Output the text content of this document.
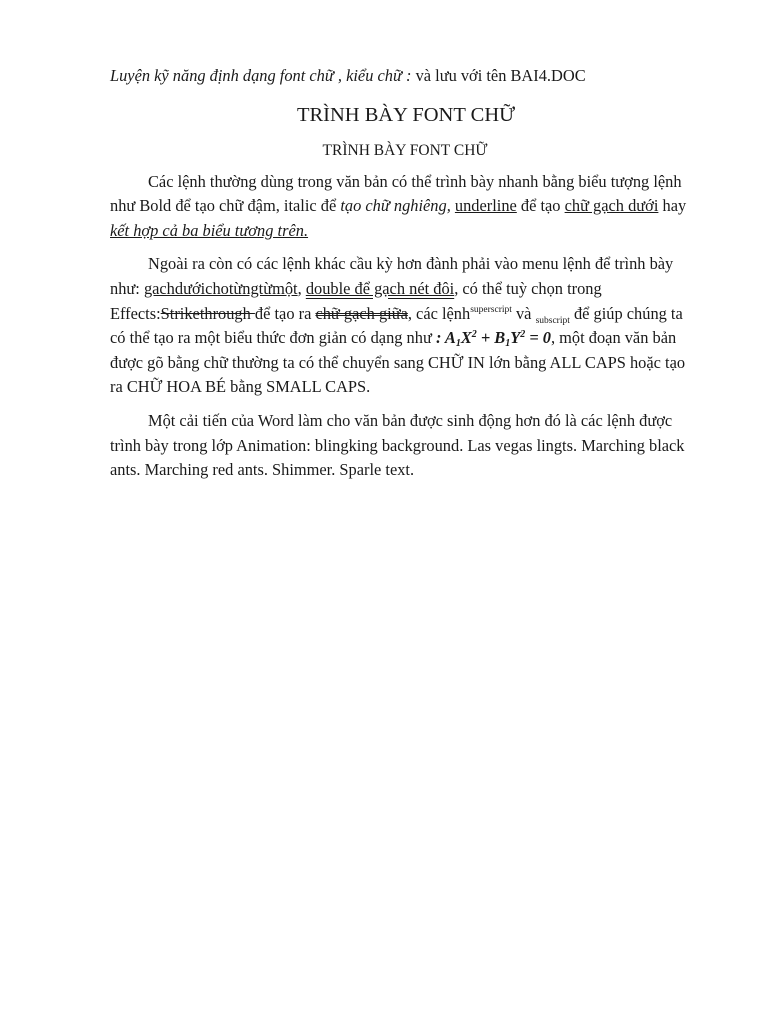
Luyện kỹ năng định dạng font chữ , kiểu chữ : và lưu với tên BAI4.DOC

TRÌNH BÀY FONT CHỮ
TRÌNH BÀY FONT CHỮ

Các lệnh thường dùng trong văn bản có thể trình bày nhanh bằng biểu tượng lệnh như Bold để tạo chữ đậm, italic để tạo chữ nghiêng, underline để tạo chữ gạch dưới hay kết hợp cả ba biểu tương trên.

Ngoài ra còn có các lệnh khác cầu kỳ hơn đành phải vào menu lệnh để trình bày như: gachdướichotừngtừmột, double để gạch nét đôi, có thể tuỳ chọn trong Effects:Strikethrough để tạo ra chữ gạch giữa, các lệnh$^{superscript}$ và $_{subscript}$ để giúp chúng ta có thể tạo ra một biểu thức đơn giản có dạng như : $A_1X^2 + B_1Y^2 = 0$, một đoạn văn bản được gõ bằng chữ thường ta có thể chuyển sang CHỮ IN lớn bằng ALL CAPS hoặc tạo ra CHỮ HOA BÉ bằng SMALL CAPS.

Một cải tiến của Word làm cho văn bản được sinh động hơn đó là các lệnh được trình bày trong lớp Animation: blingking background. Las vegas lingts. Marching black ants. Marching red ants. Shimmer. Sparle text.
